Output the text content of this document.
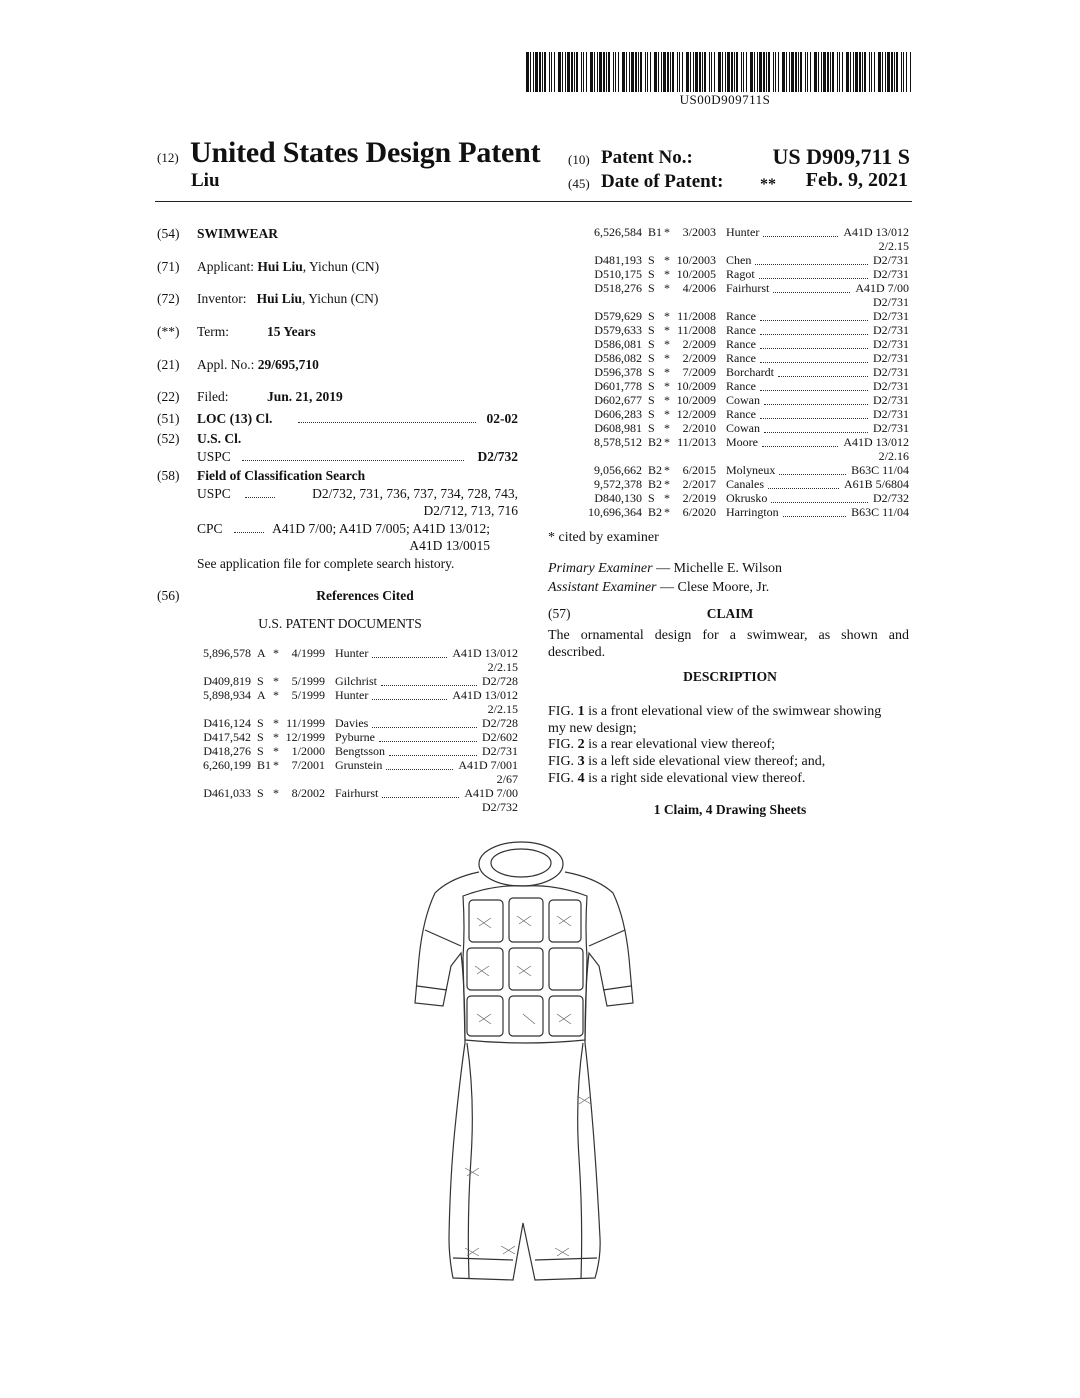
US00D909711S
(12) United States Design Patent
Liu
(10) Patent No.:	US D909,711 S
(45) Date of Patent: ** Feb. 9, 2021
(54) SWIMWEAR
(71) Applicant: Hui Liu, Yichun (CN)
(72) Inventor: Hui Liu, Yichun (CN)
(**) Term:	15 Years
(21) Appl. No.: 29/695,710
(22) Filed:	Jun. 21, 2019
(51) LOC (13) Cl.	02-02
(52) U.S. Cl.
USPC	D2/732
(58) Field of Classification Search
USPC	D2/732, 731, 736, 737, 734, 728, 743,
D2/712, 713, 716
CPC	A41D 7/00; A41D 7/005; A41D 13/012;
A41D 13/0015
See application file for complete search history.
(56)	References Cited
U.S. PATENT DOCUMENTS
5,896,578 A *	4/1999 Hunter	A41D 13/012
2/2.15
D409,819 S *	5/1999 Gilchrist	D2/728
5,898,934 A *	5/1999 Hunter	A41D 13/012
2/2.15
D416,124 S * 11/1999 Davies	D2/728
D417,542 S * 12/1999 Pyburne	D2/602
D418,276 S *	1/2000 Bengtsson	D2/731
6,260,199 B1 *	7/2001 Grunstein	A41D 7/001
2/67
D461,033 S *	8/2002 Fairhurst	A41D 7/00
D2/732
6,526,584 B1 *	3/2003 Hunter	A41D 13/012
2/2.15
D481,193 S * 10/2003 Chen	D2/731
D510,175 S * 10/2005 Ragot	D2/731
D518,276 S *	4/2006 Fairhurst	A41D 7/00
D2/731
D579,629 S * 11/2008 Rance	D2/731
D579,633 S * 11/2008 Rance	D2/731
D586,081 S *	2/2009 Rance	D2/731
D586,082 S *	2/2009 Rance	D2/731
D596,378 S *	7/2009 Borchardt	D2/731
D601,778 S * 10/2009 Rance	D2/731
D602,677 S * 10/2009 Cowan	D2/731
D606,283 S * 12/2009 Rance	D2/731
D608,981 S *	2/2010 Cowan	D2/731
8,578,512 B2 * 11/2013 Moore	A41D 13/012
2/2.16
9,056,662 B2 *	6/2015 Molyneux	B63C 11/04
9,572,378 B2 *	2/2017 Canales	A61B 5/6804
D840,130 S *	2/2019 Okrusko	D2/732
10,696,364 B2 *	6/2020 Harrington	B63C 11/04
* cited by examiner
Primary Examiner — Michelle E. Wilson
Assistant Examiner — Clese Moore, Jr.
(57)	CLAIM
The ornamental design for a swimwear, as shown and
described.
DESCRIPTION
FIG. 1 is a front elevational view of the swimwear showing
my new design;
FIG. 2 is a rear elevational view thereof;
FIG. 3 is a left side elevational view thereof; and,
FIG. 4 is a right side elevational view thereof.
1 Claim, 4 Drawing Sheets
